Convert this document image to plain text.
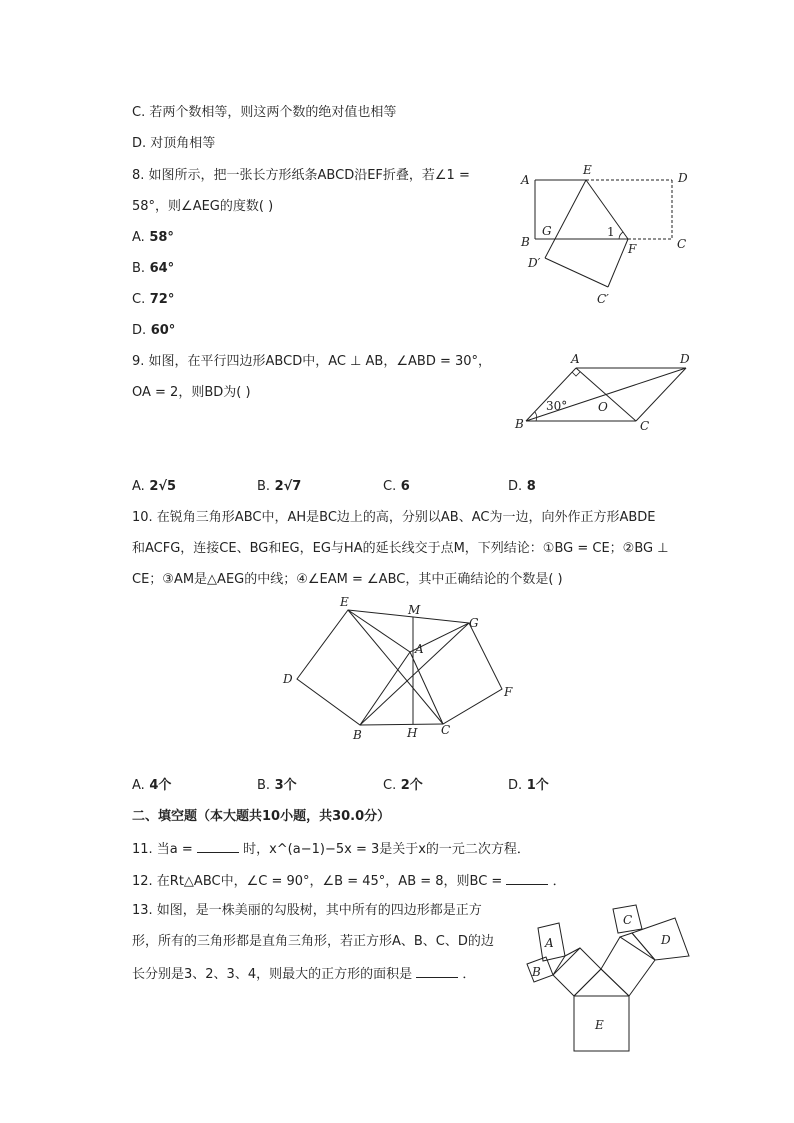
C. 若两个数相等，则这两个数的绝对值也相等
D. 对顶角相等
8. 如图所示，把一张长方形纸条ABCD沿EF折叠，若∠1 =
58°，则∠AEG的度数( )
A. 58°
B. 64°
C. 72°
D. 60°
A
E
D
B
G	1
F	C
D′
C′
9. 如图，在平行四边形ABCD中，AC ⊥ AB，∠ABD = 30°，
OA = 2，则BD为( )
A	D
B	C
O
30°
A. 2√5	B. 2√7	C. 6	D. 8
10. 在锐角三角形ABC中，AH是BC边上的高，分别以AB、AC为一边，向外作正方形ABDE
和ACFG，连接CE、BG和EG，EG与HA的延长线交于点M，下列结论：①BG = CE；②BG ⊥
CE；③AM是△AEG的中线；④∠EAM = ∠ABC，其中正确结论的个数是( )
E
M
G
A
D
F
B	H C
A. 4个	B. 3个	C. 2个	D. 1个
二、填空题（本大题共10小题，共30.0分）
11. 当a =	时，x^(a−1)−5x = 3是关于x的一元二次方程．
12. 在Rt△ABC中，∠C = 90°，∠B = 45°，AB = 8，则BC =	．
13. 如图，是一株美丽的勾股树，其中所有的四边形都是正方
形，所有的三角形都是直角三角形，若正方形A、B、C、D的边
长分别是3、2、3、4，则最大的正方形的面积是	．
A
B
C
D
E
